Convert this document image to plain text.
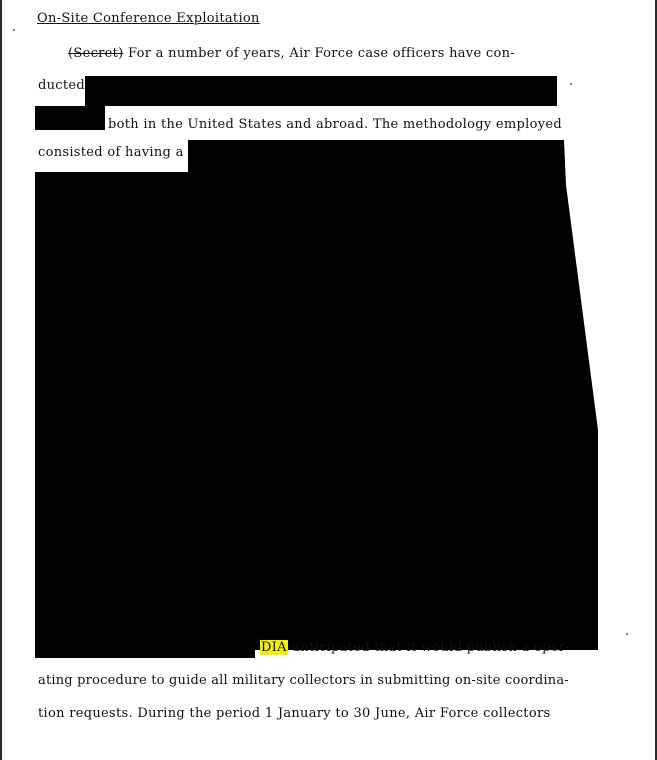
On-Site Conference Exploitation
(Secret) For a number of years, Air Force case officers have con-
ducted
both in the United States and abroad. The methodology employed
consisted of having a
DIA anticipated that it would publish a oper-
ating procedure to guide all military collectors in submitting on-site coordina-
tion requests. During the period 1 January to 30 June, Air Force collectors
